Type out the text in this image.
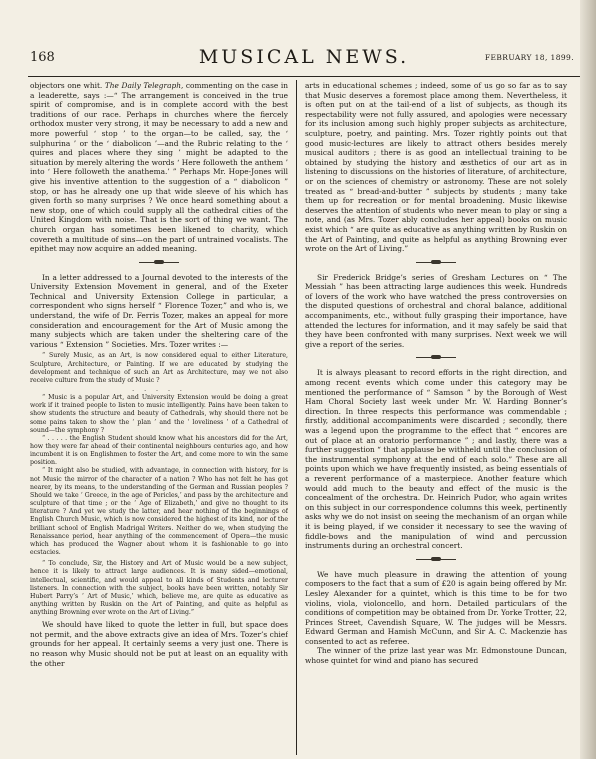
168	MUSICAL NEWS.	FEBRUARY 18, 1899.

objectors one whit. The Daily Telegraph, commenting on the case in a leaderette, says :—“ The arrangement is conceived in the true spirit of compromise, and is in complete accord with the best traditions of our race. Perhaps in churches where the fiercely orthodox muster very strong, it may be necessary to add a new and more powerful ‘ stop ’ to the organ—to be called, say, the ‘ sulphurina ’ or the ‘ diabolicon ’—and the Rubric relating to the ‘ quires and places where they sing ’ might be adapted to the situation by merely altering the words ‘ Here followeth the anthem ’ into ‘ Here followeth the anathema.’ ” Perhaps Mr. Hope-Jones will give his inventive attention to the suggestion of a “ diabolicon ” stop, or has he already one up that wide sleeve of his which has given forth so many surprises ? We once heard something about a new stop, one of which could supply all the cathedral cities of the United Kingdom with noise. That is the sort of thing we want. The church organ has sometimes been likened to charity, which covereth a multitude of sins—on the part of untrained vocalists. The epithet may now acquire an added meaning.

In a letter addressed to a Journal devoted to the interests of the University Extension Movement in general, and of the Exeter Technical and University Extension College in particular, a correspondent who signs herself “ Florence Tozer,” and who is, we understand, the wife of Dr. Ferris Tozer, makes an appeal for more consideration and encouragement for the Art of Music among the many subjects which are taken under the sheltering care of the various “ Extension ” Societies. Mrs. Tozer writes :—

“ Surely Music, as an Art, is now considered equal to either Literature, Sculpture, Architecture, or Painting. If we are educated by studying the development and technique of such an Art as Architecture, may we not also receive culture from the study of Music ?

. . . . .

“ Music is a popular Art, and University Extension would be doing a great work if it trained people to listen to music intelligently. Pains have been taken to show students the structure and beauty of Cathedrals, why should there not be some pains taken to show the ‘ plan ’ and the ‘ loveliness ’ of a Cathedral of sound—the symphony ?

“ . . . . . the English Student should know what his ancestors did for the Art, how they were far ahead of their continental neighbours centuries ago, and how incumbent it is on Englishmen to foster the Art, and come more to win the same position.

“ It might also be studied, with advantage, in connection with history, for is not Music the mirror of the character of a nation ? Who has not felt he has got nearer, by its means, to the understanding of the German and Russian peoples ? Should we take ‘ Greece, in the age of Pericles,’ and pass by the architecture and sculpture of that time ; or the ‘ Age of Elizabeth,’ and give no thought to its literature ? And yet we study the latter, and hear nothing of the beginnings of English Church Music, which is now considered the highest of its kind, nor of the brilliant school of English Madrigal Writers. Neither do we, when studying the Renaissance period, hear anything of the commencement of Opera—the music which has produced the Wagner about whom it is fashionable to go into ecstacies.

“ To conclude, Sir, the History and Art of Music would be a new subject, hence it is likely to attract large audiences. It is many sided—emotional, intellectual, scientific, and would appeal to all kinds of Students and lecturer listeners. In connection with the subject, books have been written, notably Sir Hubert Parry’s ‘ Art of Music,’ which, believe me, are quite as educative as anything written by Ruskin on the Art of Painting, and quite as helpful as anything Browning ever wrote on the Art of Living.”

We should have liked to quote the letter in full, but space does not permit, and the above extracts give an idea of Mrs. Tozer’s chief grounds for her appeal. It certainly seems a very just one. There is no reason why Music should not be put at least on an equality with the other

arts in educational schemes ; indeed, some of us go so far as to say that Music deserves a foremost place among them. Nevertheless, it is often put on at the tail-end of a list of subjects, as though its respectability were not fully assured, and apologies were necessary for its inclusion among such highly proper subjects as architecture, sculpture, poetry, and painting. Mrs. Tozer rightly points out that good music-lectures are likely to attract others besides merely musical auditors ; there is as good an intellectual training to be obtained by studying the history and æsthetics of our art as in listening to discussions on the histories of literature, of architecture, or on the sciences of chemistry or astronomy. These are not solely treated as “ bread-and-butter ” subjects by students ; many take them up for recreation or for mental broadening. Music likewise deserves the attention of students who never mean to play or sing a note, and (as Mrs. Tozer ably concludes her appeal) books on music exist which “ are quite as educative as anything written by Ruskin on the Art of Painting, and quite as helpful as anything Browning ever wrote on the Art of Living.”

Sir Frederick Bridge’s series of Gresham Lectures on “ The Messiah ” has been attracting large audiences this week. Hundreds of lovers of the work who have watched the press controversies on the disputed questions of orchestral and choral balance, additional accompaniments, etc., without fully grasping their importance, have attended the lectures for information, and it may safely be said that they have been confronted with many surprises. Next week we will give a report of the series.

It is always pleasant to record efforts in the right direction, and among recent events which come under this category may be mentioned the performance of “ Samson ” by the Borough of West Ham Choral Society last week under Mr. W. Harding Bonner’s direction. In three respects this performance was commendable ; firstly, additional accompaniments were discarded ; secondly, there was a legend upon the programme to the effect that “ encores are out of place at an oratorio performance ” ; and lastly, there was a further suggestion “ that applause be withheld until the conclusion of the instrumental symphony at the end of each solo.” These are all points upon which we have frequently insisted, as being essentials of a reverent performance of a masterpiece. Another feature which would add much to the beauty and effect of the music is the concealment of the orchestra. Dr. Heinrich Pudor, who again writes on this subject in our correspondence columns this week, pertinently asks why we do not insist on seeing the mechanism of an organ while it is being played, if we consider it necessary to see the waving of fiddle-bows and the manipulation of wind and percussion instruments during an orchestral concert.

We have much pleasure in drawing the attention of young composers to the fact that a sum of £20 is again being offered by Mr. Lesley Alexander for a quintet, which is this time to be for two violins, viola, violoncello, and horn. Detailed particulars of the conditions of competition may be obtained from Dr. Yorke Trotter, 22, Princes Street, Cavendish Square, W. The judges will be Messrs. Edward German and Hamish McCunn, and Sir A. C. Mackenzie has consented to act as referee.

The winner of the prize last year was Mr. Edmonstoune Duncan, whose quintet for wind and piano has secured
